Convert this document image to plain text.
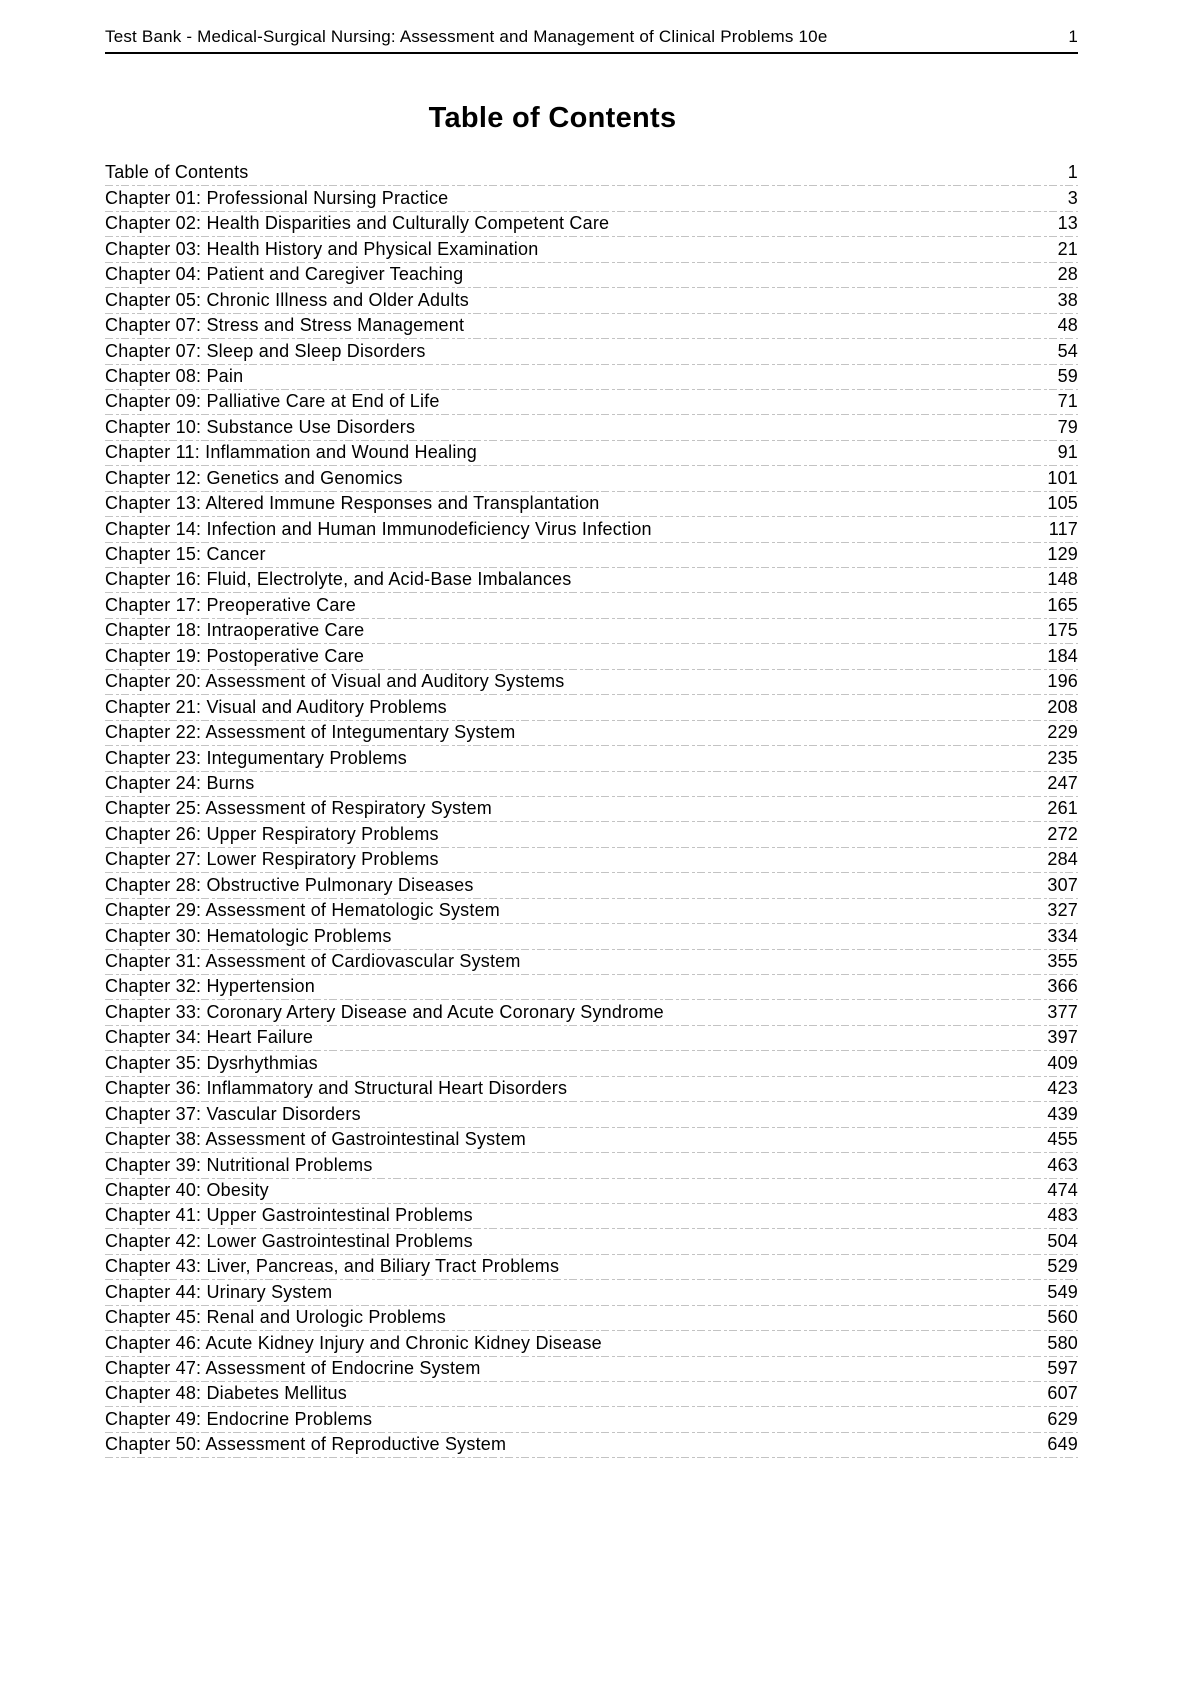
Test Bank - Medical-Surgical Nursing: Assessment and Management of Clinical Problems 10e	1
Table of Contents
Table of Contents	1
Chapter 01: Professional Nursing Practice	3
Chapter 02: Health Disparities and Culturally Competent Care	13
Chapter 03: Health History and Physical Examination	21
Chapter 04: Patient and Caregiver Teaching	28
Chapter 05: Chronic Illness and Older Adults	38
Chapter 07: Stress and Stress Management	48
Chapter 07: Sleep and Sleep Disorders	54
Chapter 08: Pain	59
Chapter 09: Palliative Care at End of Life	71
Chapter 10: Substance Use Disorders	79
Chapter 11: Inflammation and Wound Healing	91
Chapter 12: Genetics and Genomics	101
Chapter 13: Altered Immune Responses and Transplantation	105
Chapter 14: Infection and Human Immunodeficiency Virus Infection	117
Chapter 15: Cancer	129
Chapter 16: Fluid, Electrolyte, and Acid-Base Imbalances	148
Chapter 17: Preoperative Care	165
Chapter 18: Intraoperative Care	175
Chapter 19: Postoperative Care	184
Chapter 20: Assessment of Visual and Auditory Systems	196
Chapter 21: Visual and Auditory Problems	208
Chapter 22: Assessment of Integumentary System	229
Chapter 23: Integumentary Problems	235
Chapter 24: Burns	247
Chapter 25: Assessment of Respiratory System	261
Chapter 26: Upper Respiratory Problems	272
Chapter 27: Lower Respiratory Problems	284
Chapter 28: Obstructive Pulmonary Diseases	307
Chapter 29: Assessment of Hematologic System	327
Chapter 30: Hematologic Problems	334
Chapter 31: Assessment of Cardiovascular System	355
Chapter 32: Hypertension	366
Chapter 33: Coronary Artery Disease and Acute Coronary Syndrome	377
Chapter 34: Heart Failure	397
Chapter 35: Dysrhythmias	409
Chapter 36: Inflammatory and Structural Heart Disorders	423
Chapter 37: Vascular Disorders	439
Chapter 38: Assessment of Gastrointestinal System	455
Chapter 39: Nutritional Problems	463
Chapter 40: Obesity	474
Chapter 41: Upper Gastrointestinal Problems	483
Chapter 42: Lower Gastrointestinal Problems	504
Chapter 43: Liver, Pancreas, and Biliary Tract Problems	529
Chapter 44: Urinary System	549
Chapter 45: Renal and Urologic Problems	560
Chapter 46: Acute Kidney Injury and Chronic Kidney Disease	580
Chapter 47: Assessment of Endocrine System	597
Chapter 48: Diabetes Mellitus	607
Chapter 49: Endocrine Problems	629
Chapter 50: Assessment of Reproductive System	649
